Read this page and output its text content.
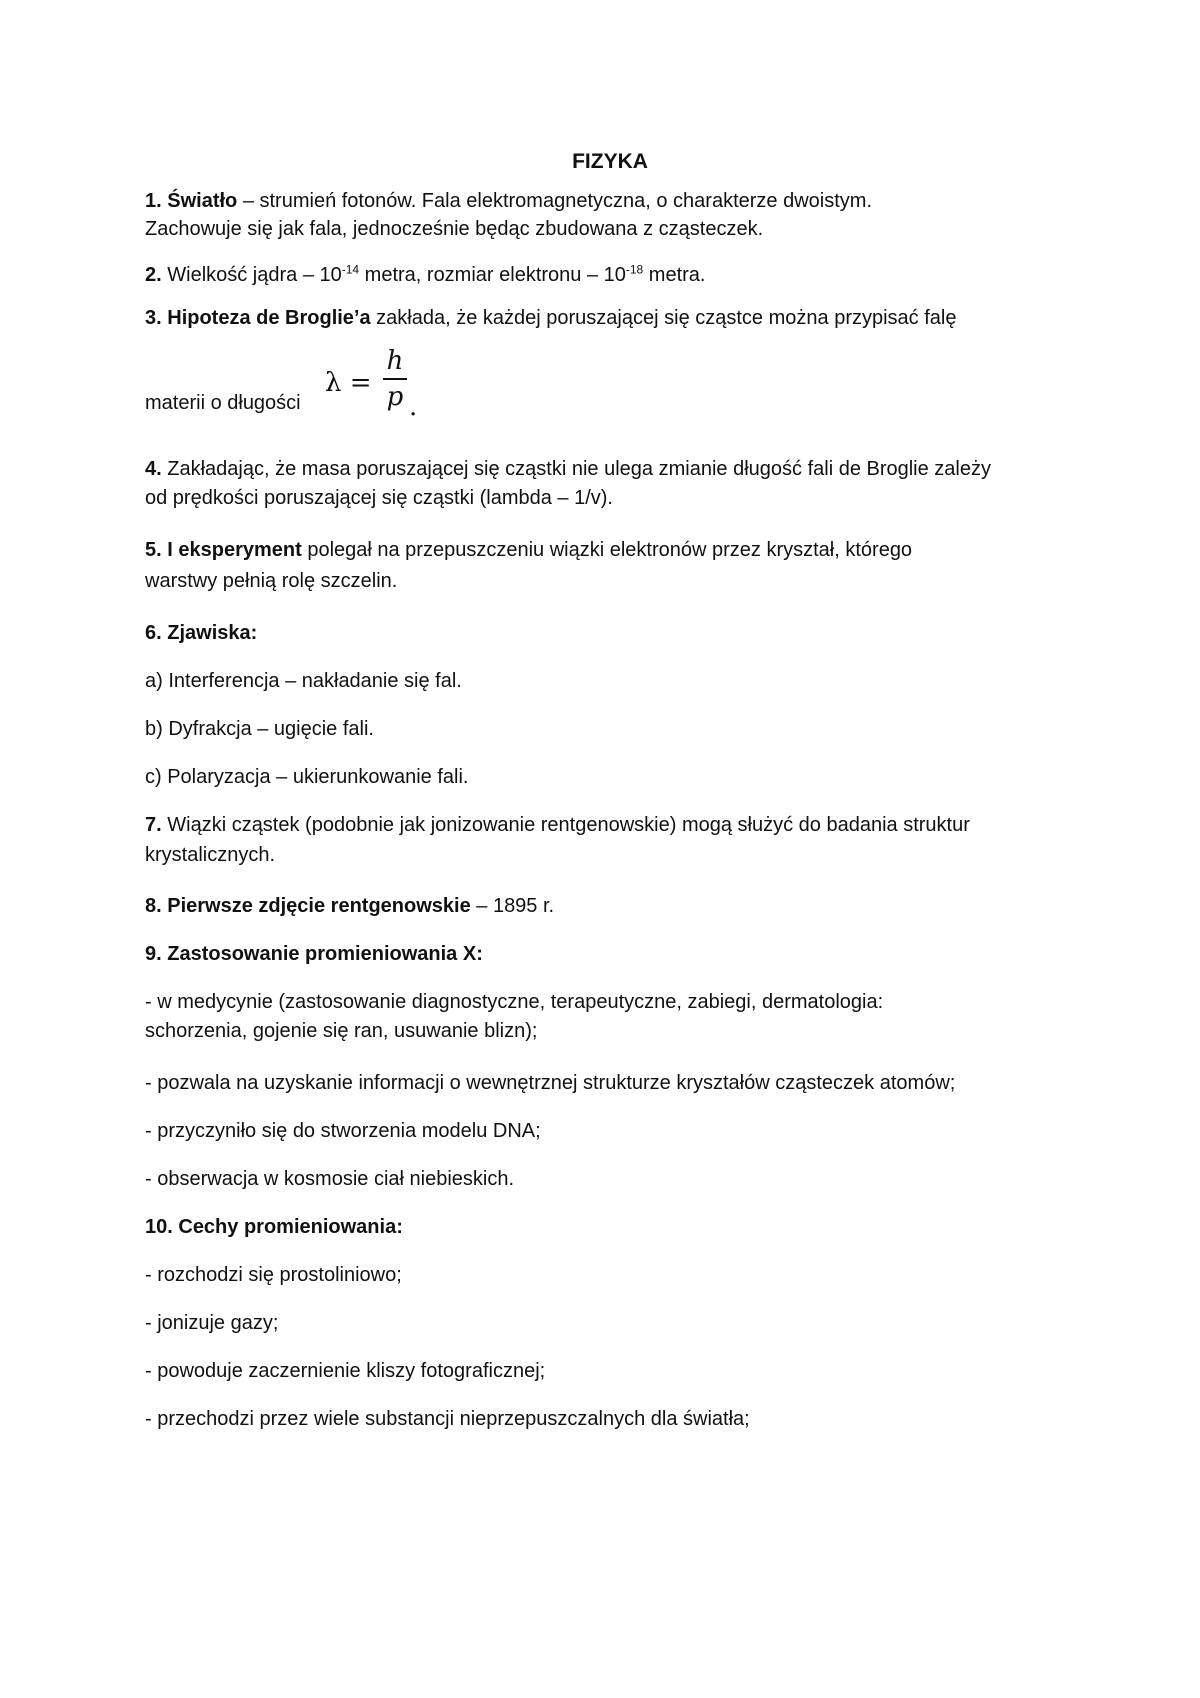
FIZYKA
1. Światło – strumień fotonów. Fala elektromagnetyczna, o charakterze dwoistym.
Zachowuje się jak fala, jednocześnie będąc zbudowana z cząsteczek.
2. Wielkość jądra – $10^{-14}$ metra, rozmiar elektronu – $10^{-18}$ metra.
3. Hipoteza de Broglie’a zakłada, że każdej poruszającej się cząstce można przypisać falę
materii o długości
λ =
h
p .
4. Zakładając, że masa poruszającej się cząstki nie ulega zmianie długość fali de Broglie zależy
od prędkości poruszającej się cząstki (lambda – 1/v).
5. I eksperyment polegał na przepuszczeniu wiązki elektronów przez kryształ, którego
warstwy pełnią rolę szczelin.
6. Zjawiska:
a) Interferencja – nakładanie się fal.
b) Dyfrakcja – ugięcie fali.
c) Polaryzacja – ukierunkowanie fali.
7. Wiązki cząstek (podobnie jak jonizowanie rentgenowskie) mogą służyć do badania struktur
krystalicznych.
8. Pierwsze zdjęcie rentgenowskie – 1895 r.
9. Zastosowanie promieniowania X:
- w medycynie (zastosowanie diagnostyczne, terapeutyczne, zabiegi, dermatologia:
schorzenia, gojenie się ran, usuwanie blizn);
- pozwala na uzyskanie informacji o wewnętrznej strukturze kryształów cząsteczek atomów;
- przyczyniło się do stworzenia modelu DNA;
- obserwacja w kosmosie ciał niebieskich.
10. Cechy promieniowania:
- rozchodzi się prostoliniowo;
- jonizuje gazy;
- powoduje zaczernienie kliszy fotograficznej;
- przechodzi przez wiele substancji nieprzepuszczalnych dla światła;
